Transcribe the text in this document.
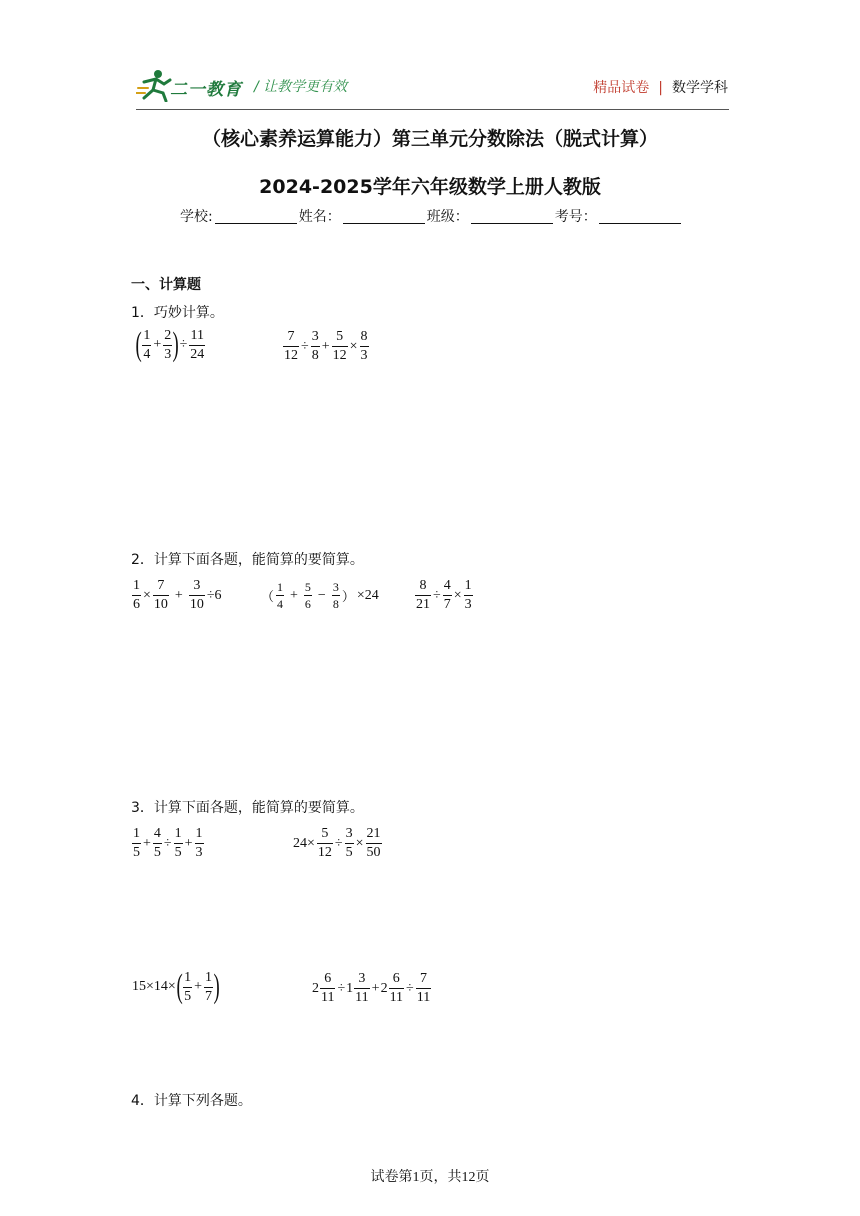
二一教育 / 让教学更有效	精品试卷 | 数学学科
（核心素养运算能力）第三单元分数除法（脱式计算）
2024-2025学年六年级数学上册人教版
学校:	姓名：	班级：	考号：
一、计算题
1．巧妙计算。
( $\frac{1}{4} + \frac{2}{3}$ ) ÷ $\frac{11}{24}$	$\frac{7}{12} \div \frac{3}{8} + \frac{5}{12} \times \frac{8}{3}$
2．计算下面各题，能简算的要简算。
$\frac{1}{6} \times \frac{7}{10} + \frac{3}{10} \div 6$	（ $\frac{1}{4} + \frac{5}{6} - \frac{3}{8}$ ） ×24	$\frac{8}{21} \div \frac{4}{7} \times \frac{1}{3}$
3．计算下面各题，能简算的要简算。
$\frac{1}{5} + \frac{4}{5} \div \frac{1}{5} + \frac{1}{3}$	$24\times \frac{5}{12} \div \frac{3}{5} \times \frac{21}{50}$
15×14× ( $\frac{1}{5} + \frac{1}{7}$ )	$2 \frac{6}{11} \div 1 \frac{3}{11} + 2 \frac{6}{11} \div \frac{7}{11}$
4．计算下列各题。
试卷第1页，共12页
